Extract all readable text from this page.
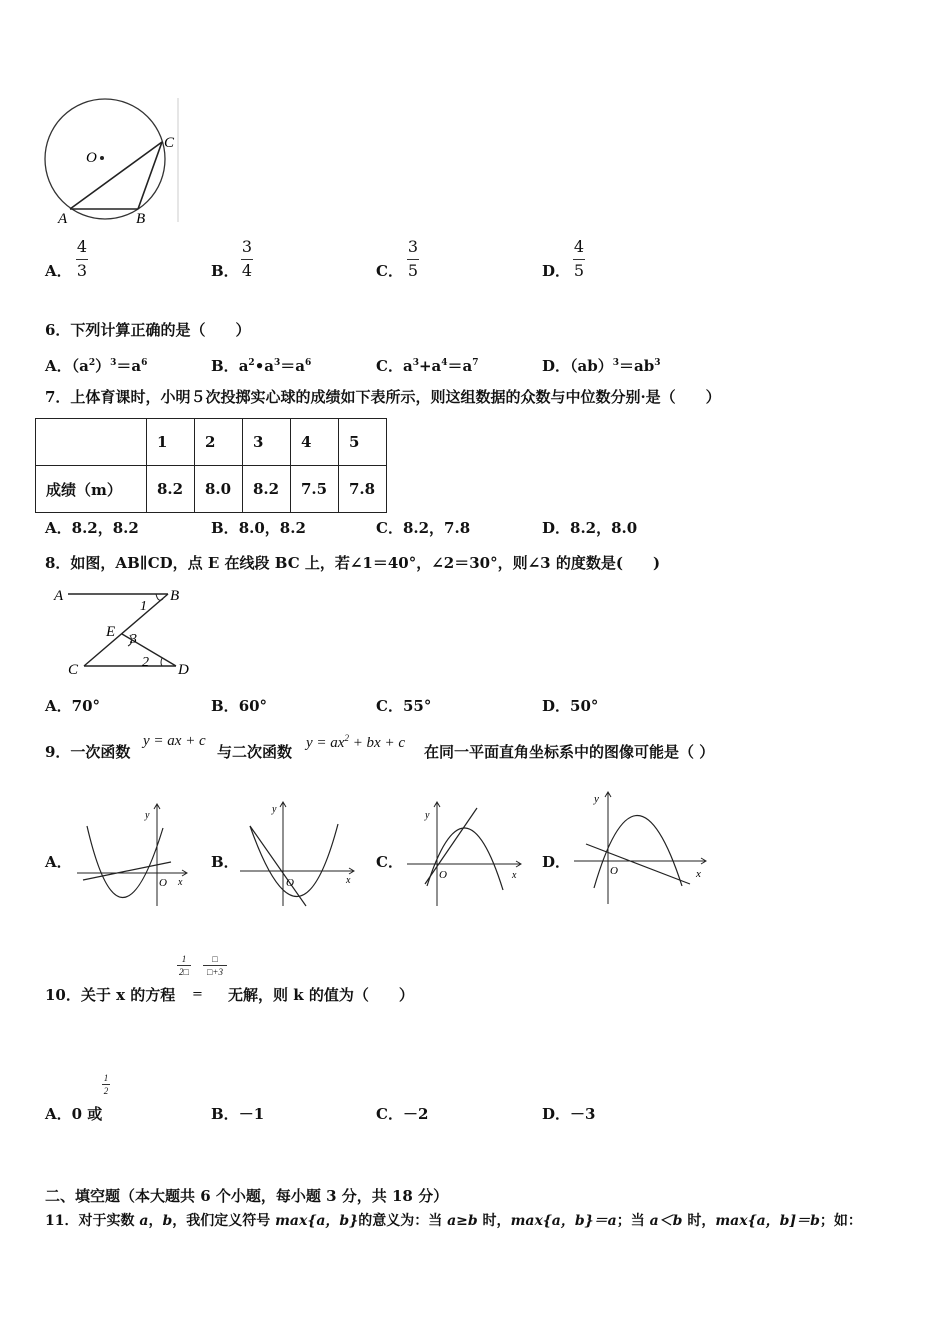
O
A	B
C
A．
4
3	B．
3
4	C．
3
5	D．
4
5
6．下列计算正确的是（　　）
A．$(a^2)^3=a^6$	B．$a^2•a^3=a^6$	C．$a^3+a^4=a^7$	D．$(ab)^3=ab^3$
7．上体育课时，小明５次投掷实心球的成绩如下表所示，则这组数据的众数与中位数分别·是（　　）
	1	2	3	4	5
成绩（m）	8.2	8.0	8.2	7.5	7.8
A．8.2，8.2	B．8.0，8.2	C．8.2，7.8	D．8.2，8.0
8．如图，AB∥CD，点 E 在线段 BC 上，若∠1＝40°，∠2＝30°，则∠3 的度数是(　　)
A	B
C	D
E
1
3
2
A．70°	B．60°	C．55°	D．50°
9．一次函数
y = ax + c
与二次函数 $y = ax^2$ + bx + c 在同一平面直角坐标系中的图像可能是（ ）
A．
y
O x
B．
y
O	x
C．
y
O	x
D．
y
O	x
10．关于 x 的方程
1
2□
=
□
□+3
无解，则 k 的值为（　　）
A．0 或
1
2
B．－1	C．－2	D．－3
二、填空题（本大题共 6 个小题，每小题 3 分，共 18 分）
11．对于实数 a，b，我们定义符号 max{a，b}的意义为：当 a≥b 时，max{a，b}＝a；当 a＜b 时，max{a，b]＝b；如：
